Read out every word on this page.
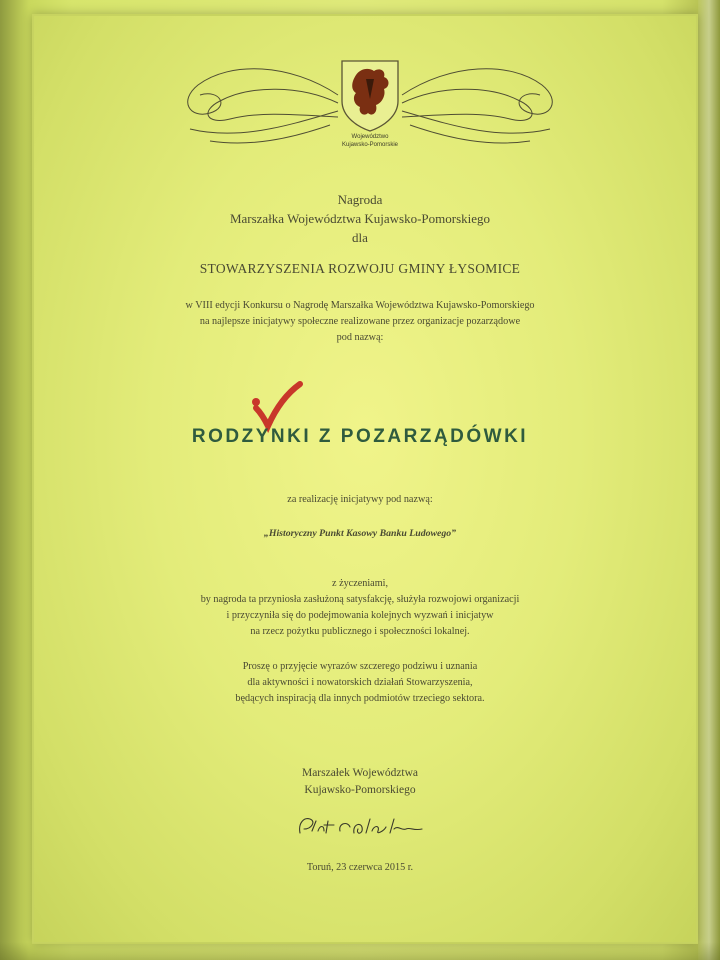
Województwo
Kujawsko-Pomorskie
Nagroda
Marszałka Województwa Kujawsko-Pomorskiego
dla
STOWARZYSZENIA ROZWOJU GMINY ŁYSOMICE
w VIII edycji Konkursu o Nagrodę Marszałka Województwa Kujawsko-Pomorskiego
na najlepsze inicjatywy społeczne realizowane przez organizacje pozarządowe
pod nazwą:
RODZYNKI Z POZARZĄDÓWKI
za realizację inicjatywy pod nazwą:
„Historyczny Punkt Kasowy Banku Ludowego”
z życzeniami,
by nagroda ta przyniosła zasłużoną satysfakcję, służyła rozwojowi organizacji
i przyczyniła się do podejmowania kolejnych wyzwań i inicjatyw
na rzecz pożytku publicznego i społeczności lokalnej.
Proszę o przyjęcie wyrazów szczerego podziwu i uznania
dla aktywności i nowatorskich działań Stowarzyszenia,
będących inspiracją dla innych podmiotów trzeciego sektora.
Marszałek Województwa
Kujawsko-Pomorskiego
Toruń, 23 czerwca 2015 r.
